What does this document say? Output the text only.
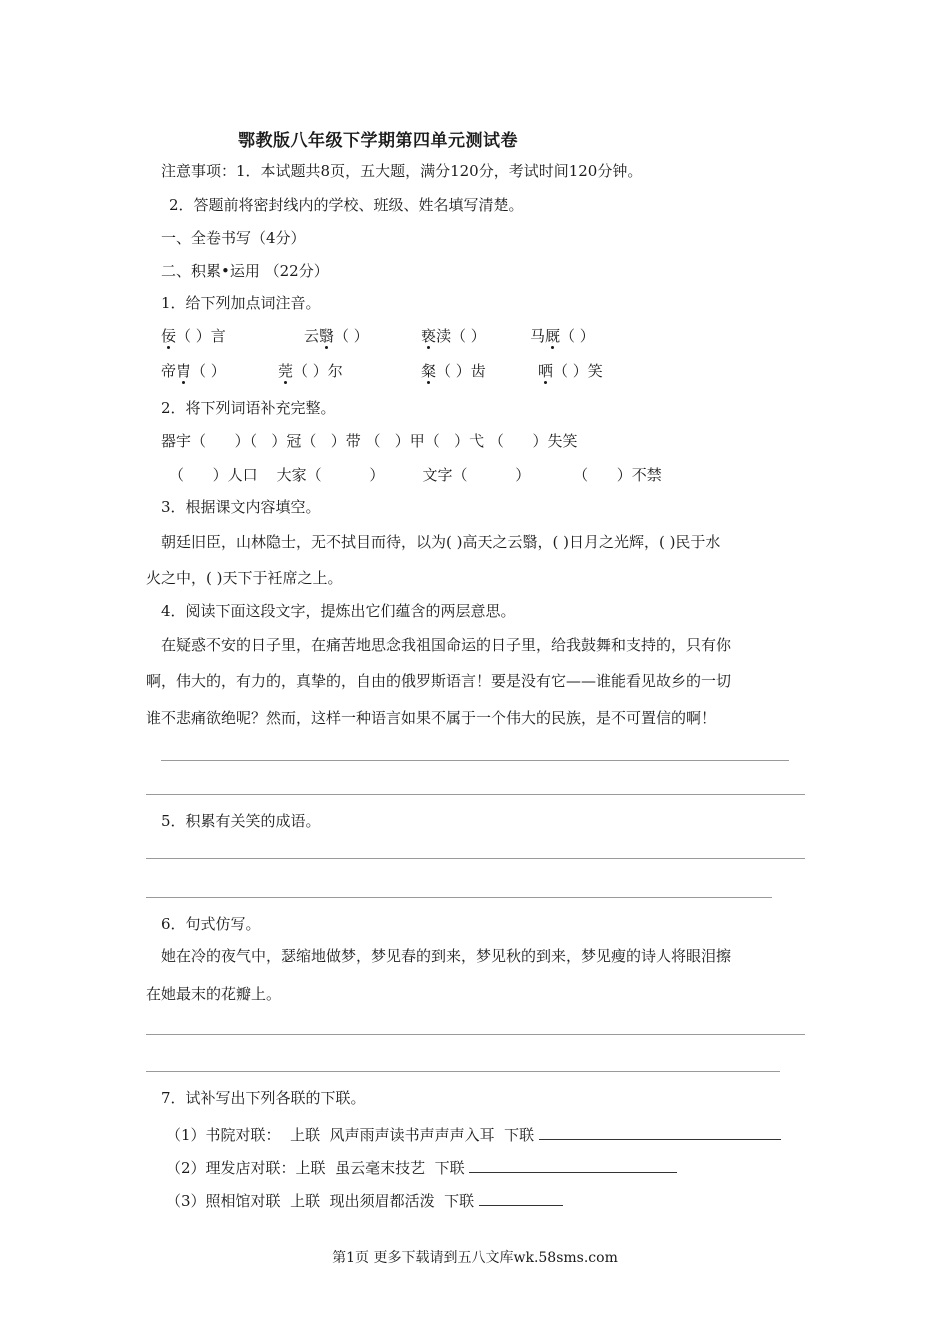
鄂教版八年级下学期第四单元测试卷
注意事项：1．本试题共8页，五大题，满分120分，考试时间120分钟。
2．答题前将密封线内的学校、班级、姓名填写清楚。
一、全卷书写（4分）
二、积累•运用 （22分）
1．给下列加点词注音。
佞（ ）言	云翳（ ）	亵渎（ ）	马厩（ ）
帝胄（ ）	莞（ ）尔	粲（ ）齿	哂（ ）笑
2．将下列词语补充完整。
器宇（      ）（   ）冠（   ）带 （   ）甲（   ）弋 （      ）失笑
（      ）人口    大家（          ）        文字（          ）         （      ）不禁
3．根据课文内容填空。
朝廷旧臣，山林隐士，无不拭目而待，以为( )高天之云翳，( )日月之光辉，( )民于水
火之中，( )天下于衽席之上。
4．阅读下面这段文字，提炼出它们蕴含的两层意思。
在疑惑不安的日子里，在痛苦地思念我祖国命运的日子里，给我鼓舞和支持的，只有你
啊，伟大的，有力的，真挚的，自由的俄罗斯语言！要是没有它——谁能看见故乡的一切
谁不悲痛欲绝呢？然而，这样一种语言如果不属于一个伟大的民族，是不可置信的啊！
5．积累有关笑的成语。
6．句式仿写。
她在冷的夜气中，瑟缩地做梦，梦见春的到来，梦见秋的到来，梦见瘦的诗人将眼泪擦
在她最末的花瓣上。
7．试补写出下列各联的下联。
（1）书院对联：  上联  风声雨声读书声声声入耳  下联
（2）理发店对联：上联  虽云毫末技艺  下联
（3）照相馆对联  上联  现出须眉都活泼  下联
第1页 更多下载请到五八文库wk.58sms.com
